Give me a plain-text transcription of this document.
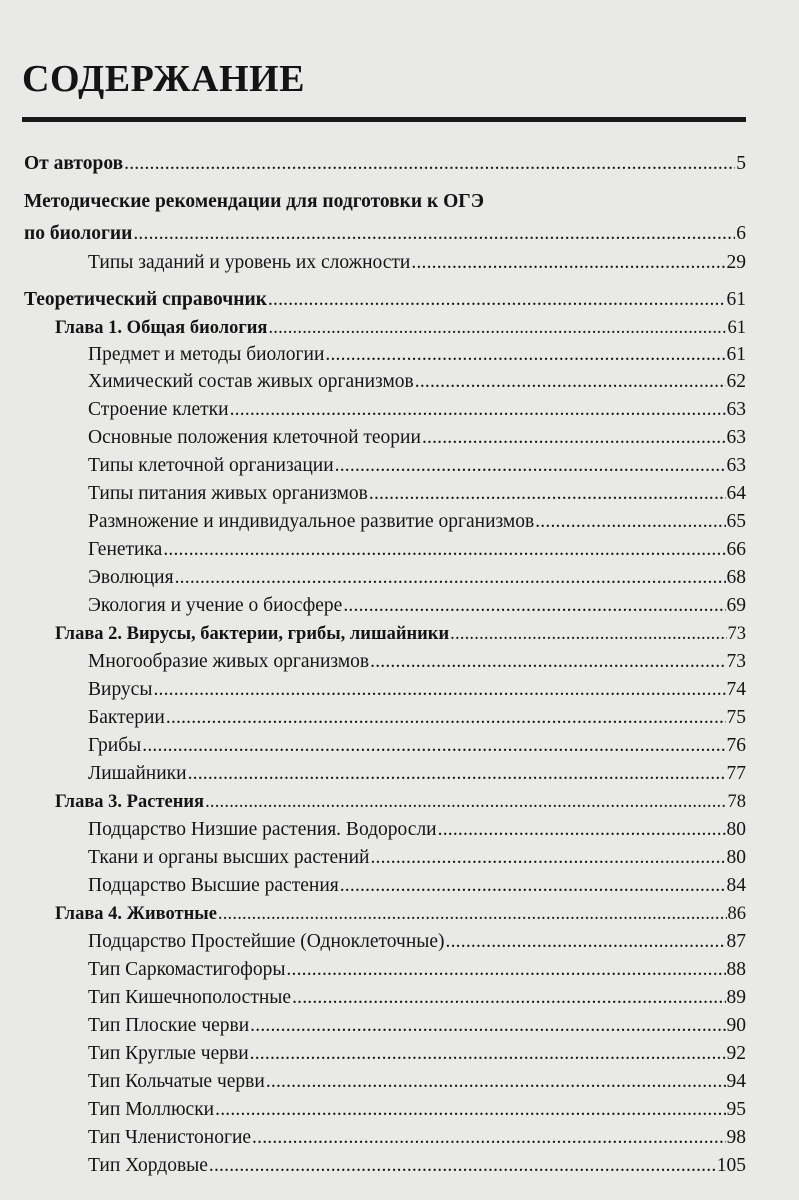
СОДЕРЖАНИЕ
От авторов .....	5
Методические рекомендации для подготовки к ОГЭ
по биологии .....	6
Типы заданий и уровень их сложности .....	29
Теоретический справочник .....	61
Глава 1. Общая биология .....	61
Предмет и методы биологии .....	61
Химический состав живых организмов .....	62
Строение клетки .....	63
Основные положения клеточной теории .....	63
Типы клеточной организации .....	63
Типы питания живых организмов .....	64
Размножение и индивидуальное развитие организмов .....	65
Генетика .....	66
Эволюция .....	68
Экология и учение о биосфере .....	69
Глава 2. Вирусы, бактерии, грибы, лишайники .....	73
Многообразие живых организмов .....	73
Вирусы .....	74
Бактерии .....	75
Грибы .....	76
Лишайники .....	77
Глава 3. Растения .....	78
Подцарство Низшие растения. Водоросли .....	80
Ткани и органы высших растений .....	80
Подцарство Высшие растения .....	84
Глава 4. Животные .....	86
Подцарство Простейшие (Одноклеточные) .....	87
Тип Саркомастигофоры .....	88
Тип Кишечнополостные .....	89
Тип Плоские черви .....	90
Тип Круглые черви .....	92
Тип Кольчатые черви .....	94
Тип Моллюски .....	95
Тип Членистоногие .....	98
Тип Хордовые .....	105
